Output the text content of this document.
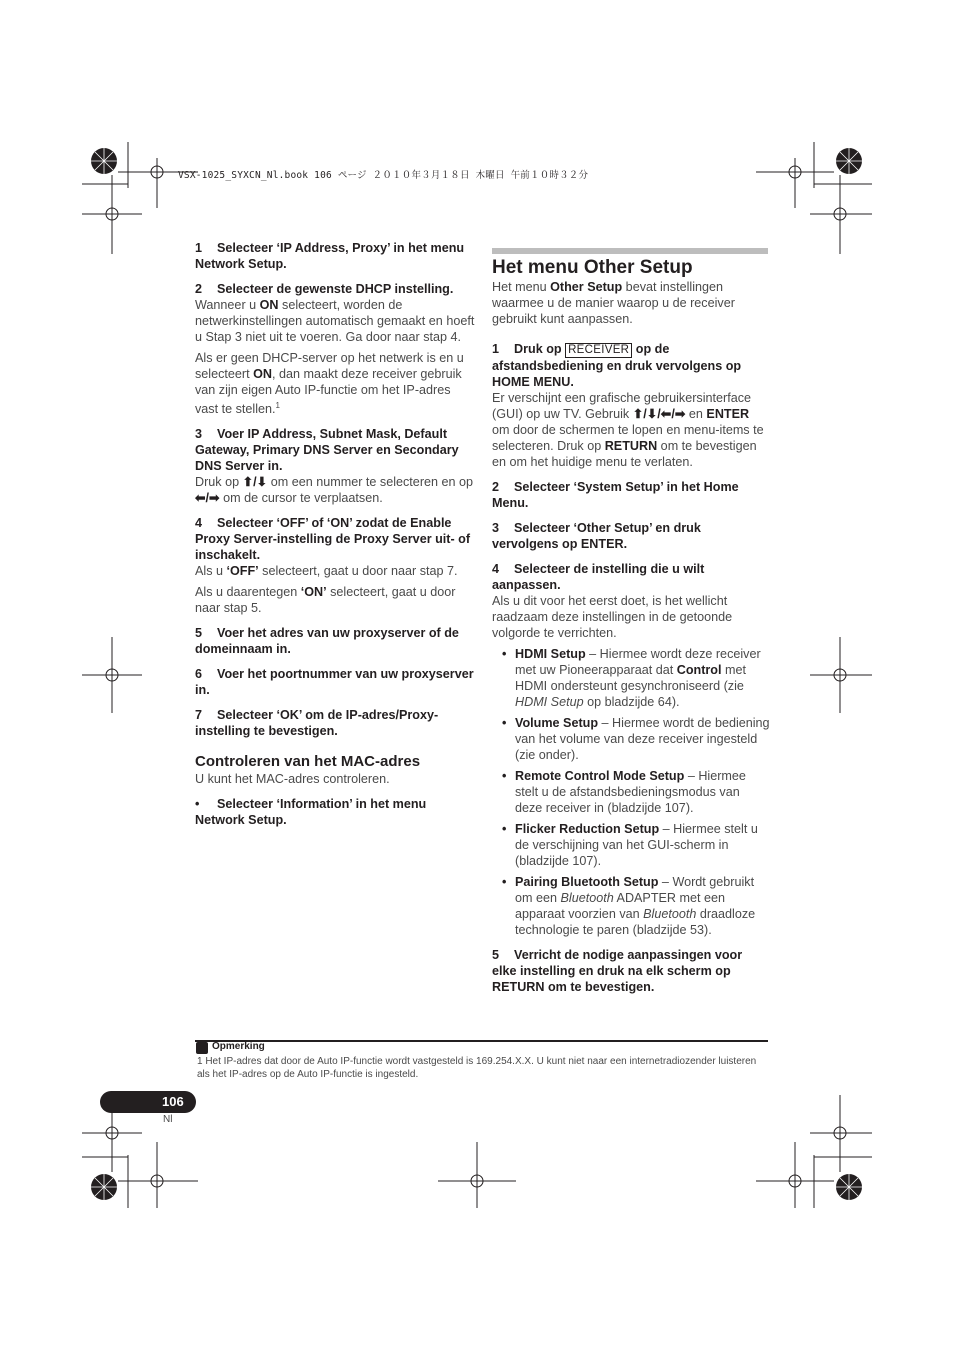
VSX-1025_SYXCN_Nl.book 106 ページ ２０１０年３月１８日 木曜日 午前１０時３２分

1 Selecteer ‘IP Address, Proxy’ in het menu Network Setup.

2 Selecteer de gewenste DHCP instelling.

Wanneer u ON selecteert, worden de netwerkinstellingen automatisch gemaakt en hoeft u Stap 3 niet uit te voeren. Ga door naar stap 4.

Als er geen DHCP-server op het netwerk is en u selecteert ON, dan maakt deze receiver gebruik van zijn eigen Auto IP-functie om het IP-adres vast te stellen.$^1$

3 Voer IP Address, Subnet Mask, Default Gateway, Primary DNS Server en Secondary DNS Server in.

Druk op ⬆/⬇ om een nummer te selecteren en op ⬅/➡ om de cursor te verplaatsen.

4 Selecteer ‘OFF’ of ‘ON’ zodat de Enable Proxy Server-instelling de Proxy Server uit- of inschakelt.

Als u ‘OFF’ selecteert, gaat u door naar stap 7.

Als u daarentegen ‘ON’ selecteert, gaat u door naar stap 5.

5 Voer het adres van uw proxyserver of de domeinnaam in.

6 Voer het poortnummer van uw proxyserver in.

7 Selecteer ‘OK’ om de IP-adres/Proxy-instelling te bevestigen.

Controleren van het MAC-adres

U kunt het MAC-adres controleren.

• Selecteer ‘Information’ in het menu Network Setup.

Het menu Other Setup

Het menu Other Setup bevat instellingen waarmee u de manier waarop u de receiver gebruikt kunt aanpassen.

1 Druk op RECEIVER op de afstandsbediening en druk vervolgens op HOME MENU.

Er verschijnt een grafische gebruikersinterface (GUI) op uw TV. Gebruik ⬆/⬇/⬅/➡ en ENTER om door de schermen te lopen en menu-items te selecteren. Druk op RETURN om te bevestigen en om het huidige menu te verlaten.

2 Selecteer ‘System Setup’ in het Home Menu.

3 Selecteer ‘Other Setup’ en druk vervolgens op ENTER.

4 Selecteer de instelling die u wilt aanpassen.

Als u dit voor het eerst doet, is het wellicht raadzaam deze instellingen in de getoonde volgorde te verrichten.

• HDMI Setup – Hiermee wordt deze receiver met uw Pioneerapparaat dat Control met HDMI ondersteunt gesynchroniseerd (zie HDMI Setup op bladzijde 64).

• Volume Setup – Hiermee wordt de bediening van het volume van deze receiver ingesteld (zie onder).

• Remote Control Mode Setup – Hiermee stelt u de afstandsbedieningsmodus van deze receiver in (bladzijde 107).

• Flicker Reduction Setup – Hiermee stelt u de verschijning van het GUI-scherm in (bladzijde 107).

• Pairing Bluetooth Setup – Wordt gebruikt om een Bluetooth ADAPTER met een apparaat voorzien van Bluetooth draadloze technologie te paren (bladzijde 53).

5 Verricht de nodige aanpassingen voor elke instelling en druk na elk scherm op RETURN om te bevestigen.

Opmerking
1 Het IP-adres dat door de Auto IP-functie wordt vastgesteld is 169.254.X.X. U kunt niet naar een internetradiozender luisteren als het IP-adres op de Auto IP-functie is ingesteld.
106
Nl
